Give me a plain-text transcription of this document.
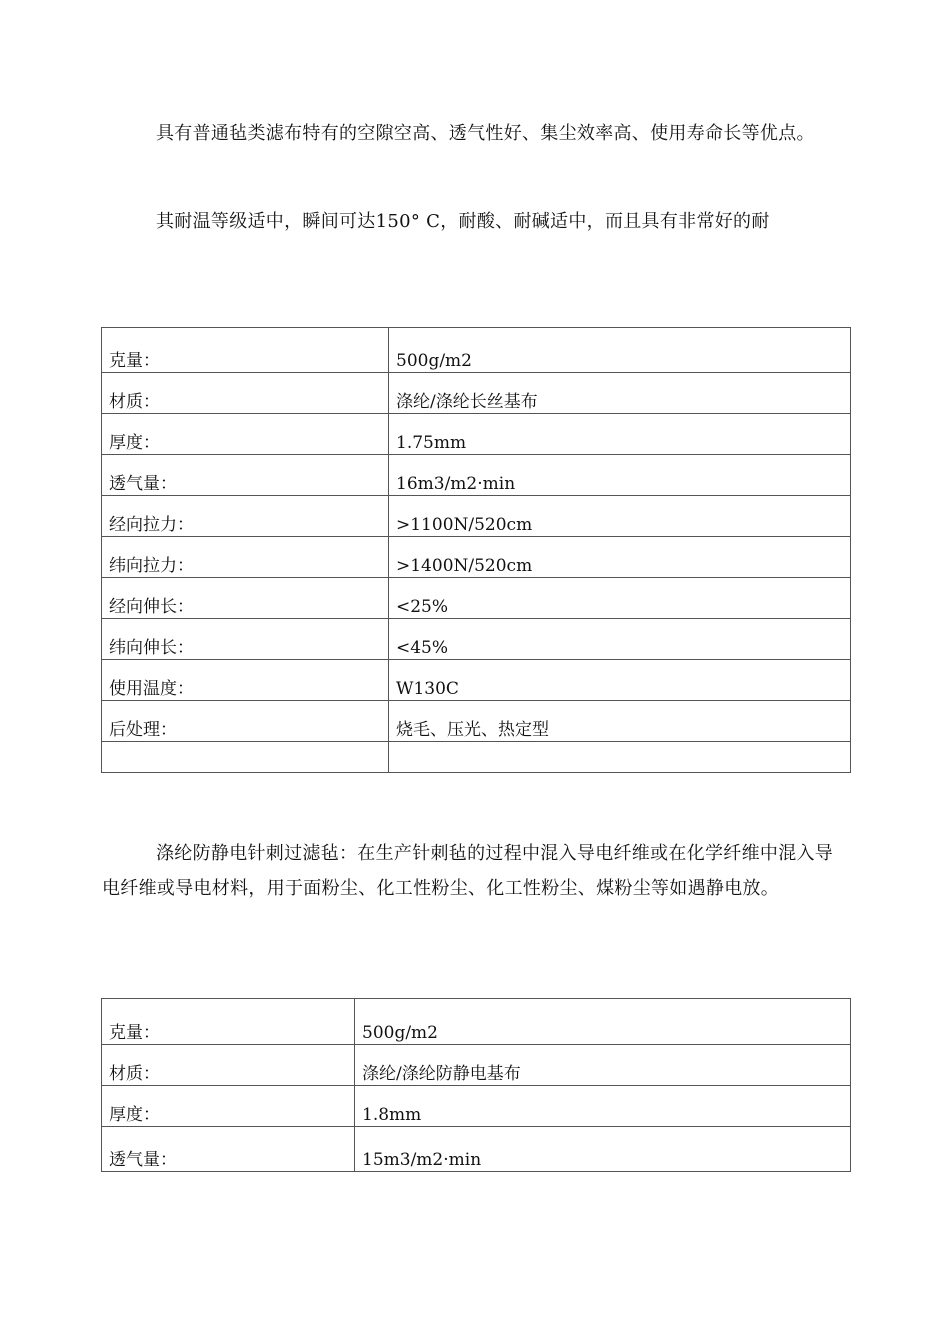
具有普通毡类滤布特有的空隙空高、透气性好、集尘效率高、使用寿命长等优点。

其耐温等级适中，瞬间可达150° C，耐酸、耐碱适中，而且具有非常好的耐

克量：	500g/m2
材质：	涤纶/涤纶长丝基布
厚度：	1.75mm
透气量：	16m3/m2·min
经向拉力：	>1100N/520cm
纬向拉力：	>1400N/520cm
经向伸长：	<25%
纬向伸长：	<45%
使用温度：	W130C
后处理：	烧毛、压光、热定型

涤纶防静电针刺过滤毡：在生产针刺毡的过程中混入导电纤维或在化学纤维中混入导电纤维或导电材料，用于面粉尘、化工性粉尘、化工性粉尘、煤粉尘等如遇静电放。

克量：	500g/m2
材质：	涤纶/涤纶防静电基布
厚度：	1.8mm
透气量：	15m3/m2·min
